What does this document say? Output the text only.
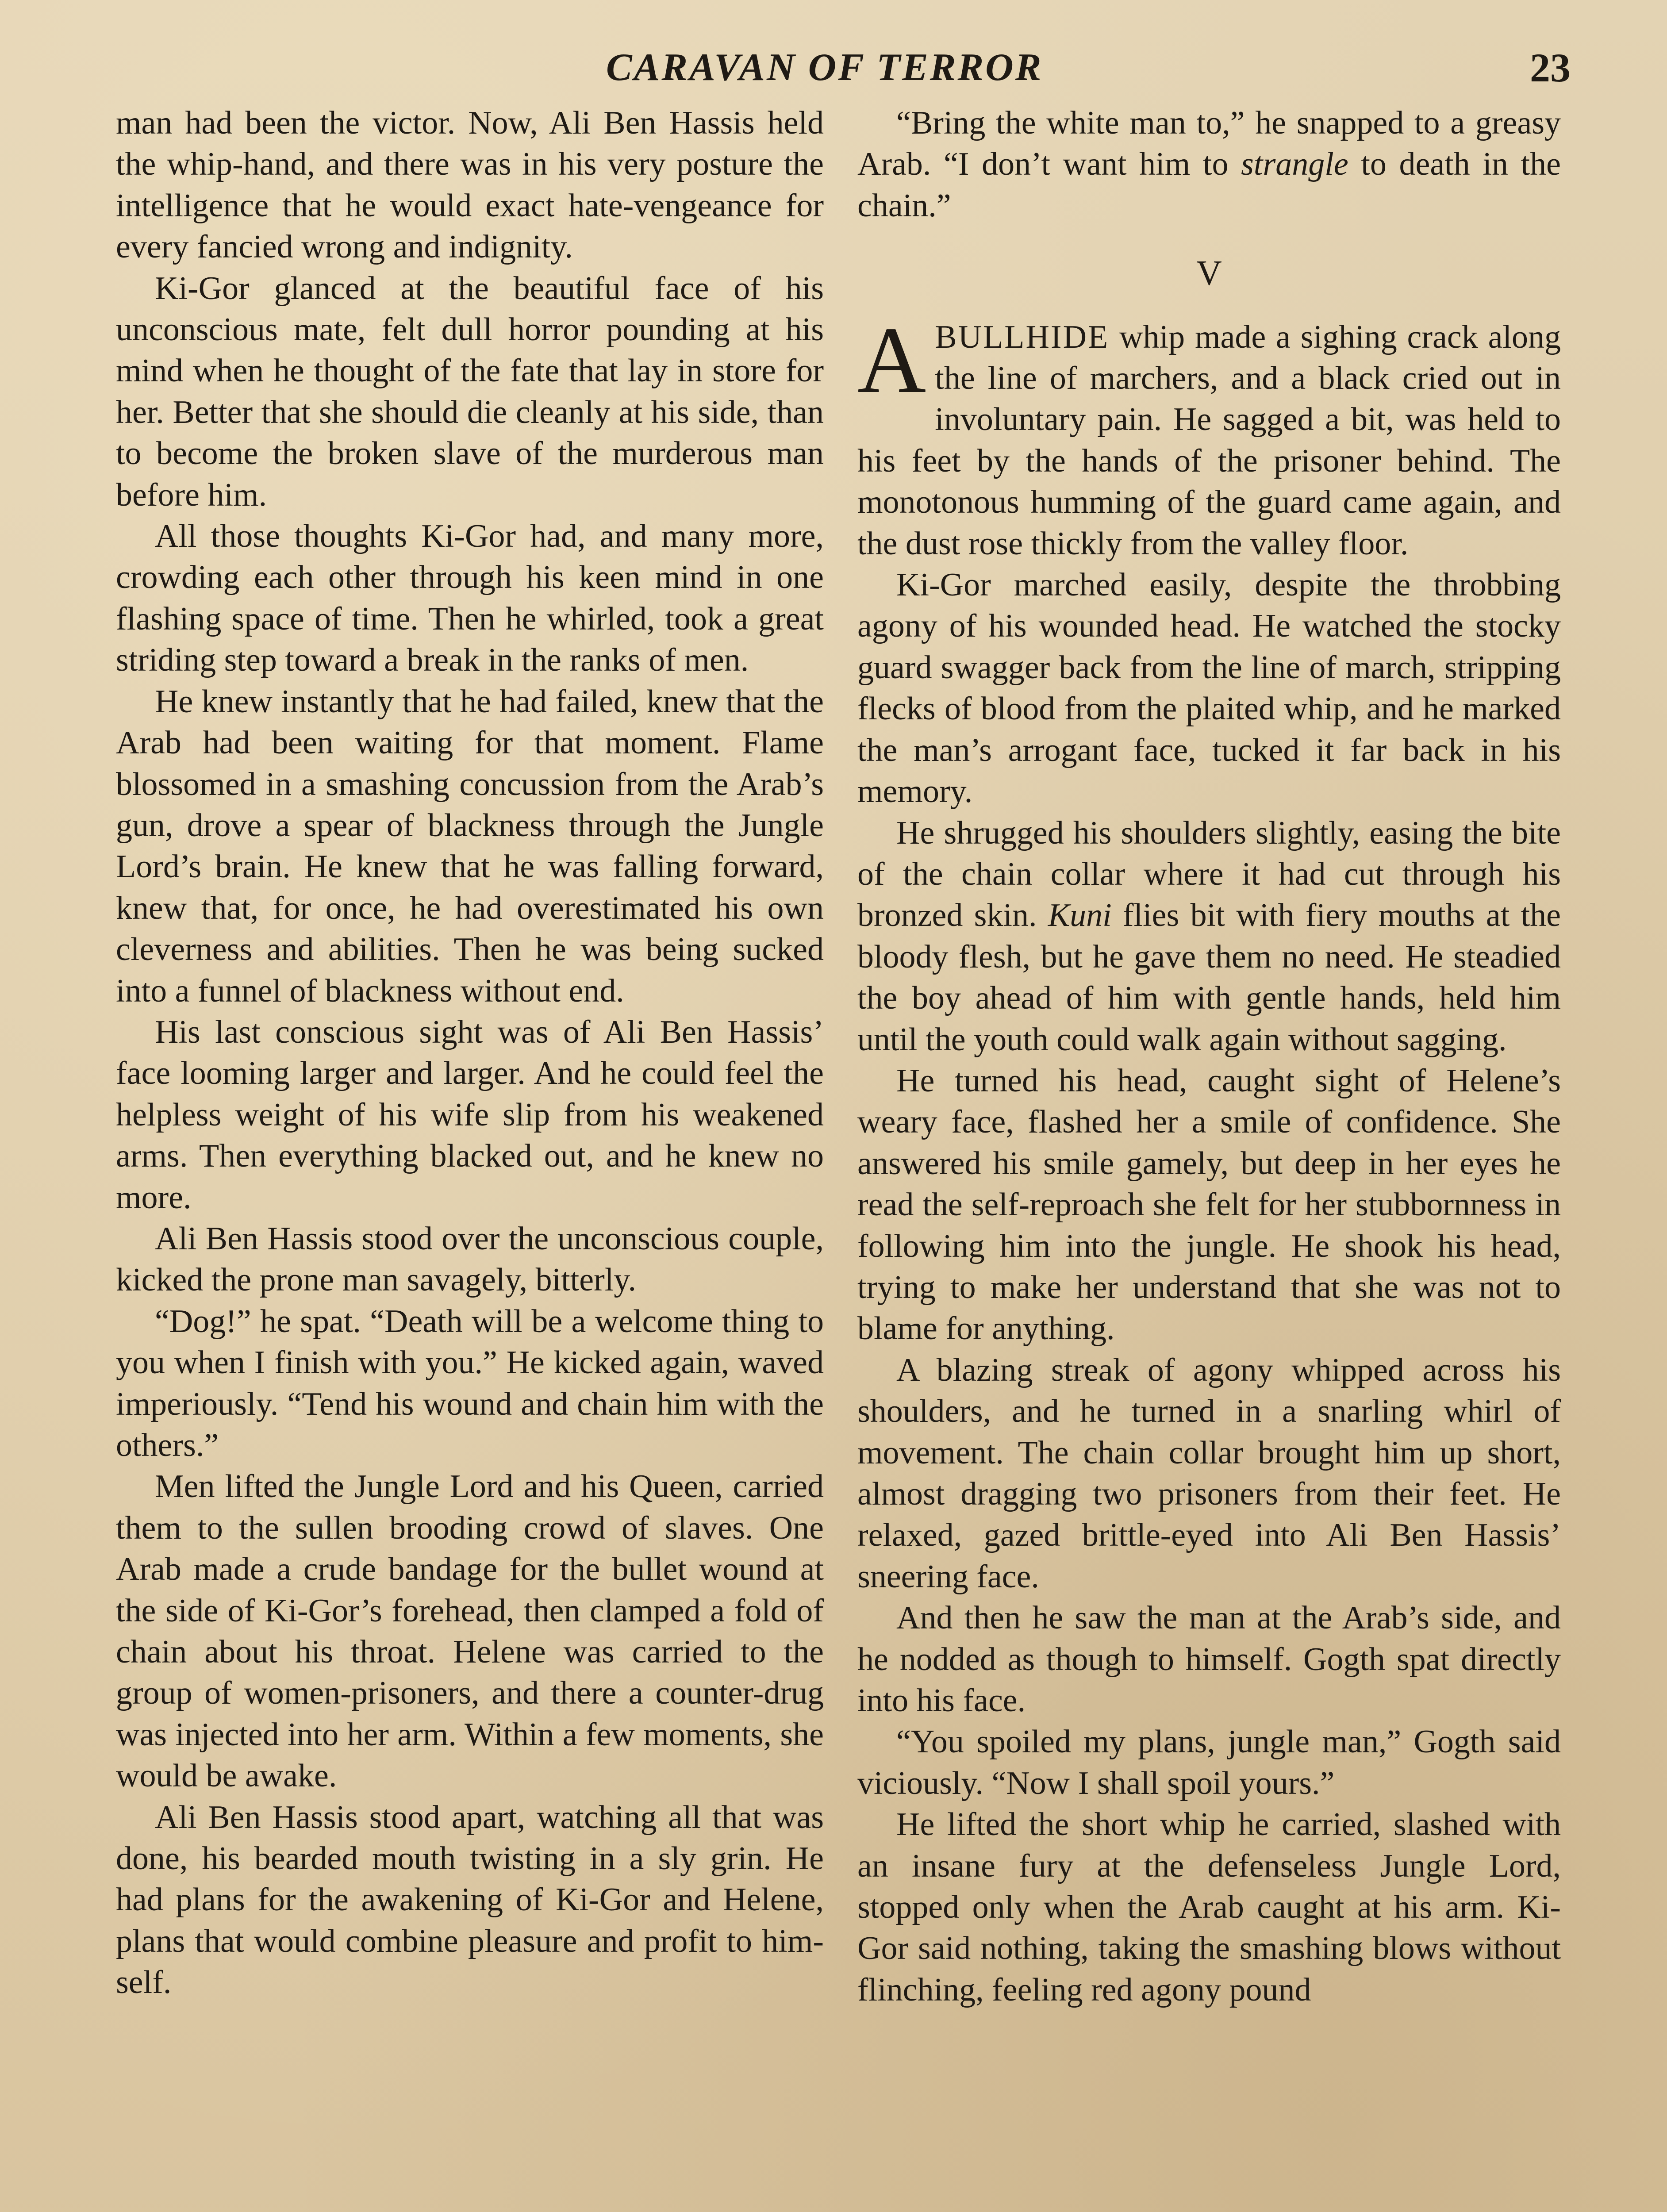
CARAVAN OF TERROR	23

man had been the victor. Now, Ali Ben Hassis held the whip-hand, and there was in his very posture the intelligence that he would exact hate-vengeance for every fancied wrong and indignity.

Ki-Gor glanced at the beautiful face of his unconscious mate, felt dull horror pounding at his mind when he thought of the fate that lay in store for her. Better that she should die cleanly at his side, than to become the broken slave of the murderous man before him.

All those thoughts Ki-Gor had, and many more, crowding each other through his keen mind in one flashing space of time. Then he whirled, took a great striding step toward a break in the ranks of men.

He knew instantly that he had failed, knew that the Arab had been waiting for that moment. Flame blossomed in a smashing concussion from the Arab’s gun, drove a spear of blackness through the Jungle Lord’s brain. He knew that he was falling forward, knew that, for once, he had overestimated his own cleverness and abilities. Then he was being sucked into a funnel of blackness without end.

His last conscious sight was of Ali Ben Hassis’ face looming larger and larger. And he could feel the helpless weight of his wife slip from his weakened arms. Then everything blacked out, and he knew no more.

Ali Ben Hassis stood over the unconscious couple, kicked the prone man savagely, bitterly.

“Dog!” he spat. “Death will be a welcome thing to you when I finish with you.” He kicked again, waved imperiously. “Tend his wound and chain him with the others.”

Men lifted the Jungle Lord and his Queen, carried them to the sullen brooding crowd of slaves. One Arab made a crude bandage for the bullet wound at the side of Ki-Gor’s forehead, then clamped a fold of chain about his throat. Helene was carried to the group of women-prisoners, and there a counter-drug was injected into her arm. Within a few moments, she would be awake.

Ali Ben Hassis stood apart, watching all that was done, his bearded mouth twisting in a sly grin. He had plans for the awakening of Ki-Gor and Helene, plans that would combine pleasure and profit to himself.

“Bring the white man to,” he snapped to a greasy Arab. “I don’t want him to strangle to death in the chain.”

V

ABULLHIDE whip made a sighing crack along the line of marchers, and a black cried out in involuntary pain. He sagged a bit, was held to his feet by the hands of the prisoner behind. The monotonous humming of the guard came again, and the dust rose thickly from the valley floor.

Ki-Gor marched easily, despite the throbbing agony of his wounded head. He watched the stocky guard swagger back from the line of march, stripping flecks of blood from the plaited whip, and he marked the man’s arrogant face, tucked it far back in his memory.

He shrugged his shoulders slightly, easing the bite of the chain collar where it had cut through his bronzed skin. Kuni flies bit with fiery mouths at the bloody flesh, but he gave them no need. He steadied the boy ahead of him with gentle hands, held him until the youth could walk again without sagging.

He turned his head, caught sight of Helene’s weary face, flashed her a smile of confidence. She answered his smile gamely, but deep in her eyes he read the self-reproach she felt for her stubbornness in following him into the jungle. He shook his head, trying to make her understand that she was not to blame for anything.

A blazing streak of agony whipped across his shoulders, and he turned in a snarling whirl of movement. The chain collar brought him up short, almost dragging two prisoners from their feet. He relaxed, gazed brittle-eyed into Ali Ben Hassis’ sneering face.

And then he saw the man at the Arab’s side, and he nodded as though to himself. Gogth spat directly into his face.

“You spoiled my plans, jungle man,” Gogth said viciously. “Now I shall spoil yours.”

He lifted the short whip he carried, slashed with an insane fury at the defenseless Jungle Lord, stopped only when the Arab caught at his arm. Ki-Gor said nothing, taking the smashing blows without flinching, feeling red agony pound
